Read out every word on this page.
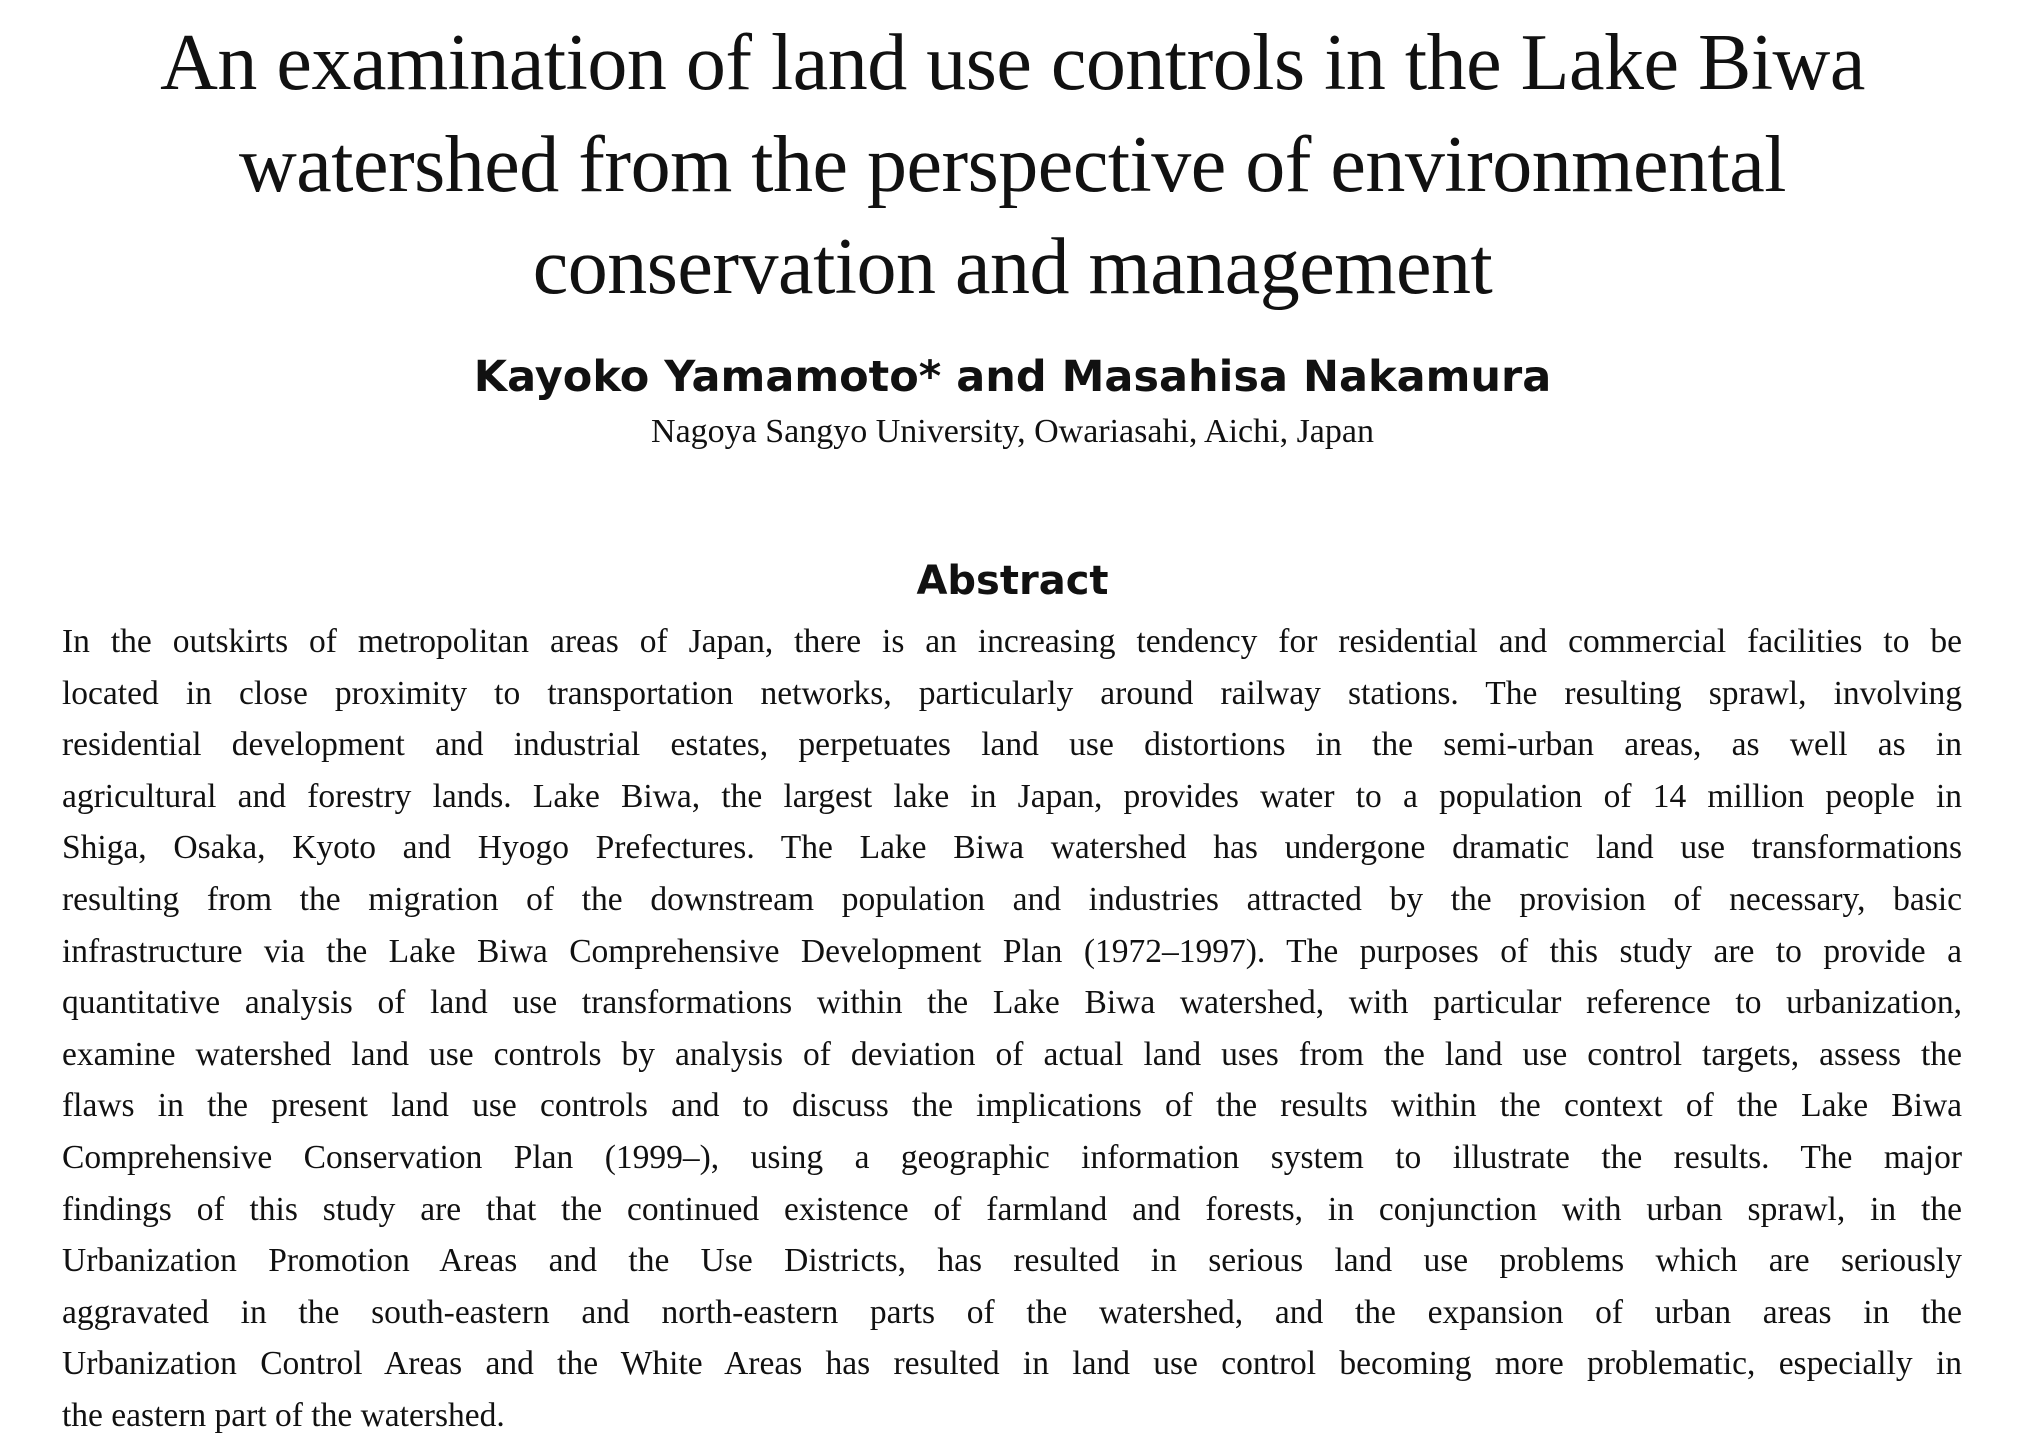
An examination of land use controls in the Lake Biwa
watershed from the perspective of environmental
conservation and management
Kayoko Yamamoto* and Masahisa Nakamura
Nagoya Sangyo University, Owariasahi, Aichi, Japan
Abstract
In the outskirts of metropolitan areas of Japan, there is an increasing tendency for residential and commercial facilities to be
located in close proximity to transportation networks, particularly around railway stations. The resulting sprawl, involving
residential development and industrial estates, perpetuates land use distortions in the semi-urban areas, as well as in
agricultural and forestry lands. Lake Biwa, the largest lake in Japan, provides water to a population of 14 million people in
Shiga, Osaka, Kyoto and Hyogo Prefectures. The Lake Biwa watershed has undergone dramatic land use transformations
resulting from the migration of the downstream population and industries attracted by the provision of necessary, basic
infrastructure via the Lake Biwa Comprehensive Development Plan (1972–1997). The purposes of this study are to provide a
quantitative analysis of land use transformations within the Lake Biwa watershed, with particular reference to urbanization,
examine watershed land use controls by analysis of deviation of actual land uses from the land use control targets, assess the
flaws in the present land use controls and to discuss the implications of the results within the context of the Lake Biwa
Comprehensive Conservation Plan (1999–), using a geographic information system to illustrate the results. The major
findings of this study are that the continued existence of farmland and forests, in conjunction with urban sprawl, in the
Urbanization Promotion Areas and the Use Districts, has resulted in serious land use problems which are seriously
aggravated in the south-eastern and north-eastern parts of the watershed, and the expansion of urban areas in the
Urbanization Control Areas and the White Areas has resulted in land use control becoming more problematic, especially in
the eastern part of the watershed.
